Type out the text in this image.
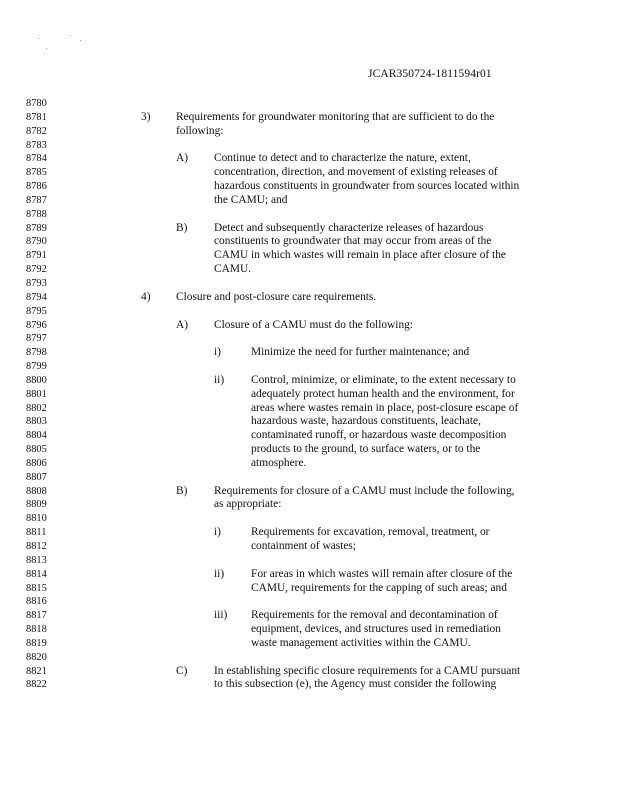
JCAR350724-1811594r01
8780
8781	3) Requirements for groundwater monitoring that are sufficient to do the
8782	following:
8783
8784	A) Continue to detect and to characterize the nature, extent,
8785	concentration, direction, and movement of existing releases of
8786	hazardous constituents in groundwater from sources located within
8787	the CAMU; and
8788
8789	B) Detect and subsequently characterize releases of hazardous
8790	constituents to groundwater that may occur from areas of the
8791	CAMU in which wastes will remain in place after closure of the
8792	CAMU.
8793
8794	4) Closure and post-closure care requirements.
8795
8796	A) Closure of a CAMU must do the following:
8797
8798	i)	Minimize the need for further maintenance; and
8799
8800	ii) Control, minimize, or eliminate, to the extent necessary to
8801	adequately protect human health and the environment, for
8802	areas where wastes remain in place, post-closure escape of
8803	hazardous waste, hazardous constituents, leachate,
8804	contaminated runoff, or hazardous waste decomposition
8805	products to the ground, to surface waters, or to the
8806	atmosphere.
8807
8808	B) Requirements for closure of a CAMU must include the following,
8809	as appropriate:
8810
8811	i)	Requirements for excavation, removal, treatment, or
8812	containment of wastes;
8813
8814	ii) For areas in which wastes will remain after closure of the
8815	CAMU, requirements for the capping of such areas; and
8816
8817	iii) Requirements for the removal and decontamination of
8818	equipment, devices, and structures used in remediation
8819	waste management activities within the CAMU.
8820
8821	C) In establishing specific closure requirements for a CAMU pursuant
8822	to this subsection (e), the Agency must consider the following
